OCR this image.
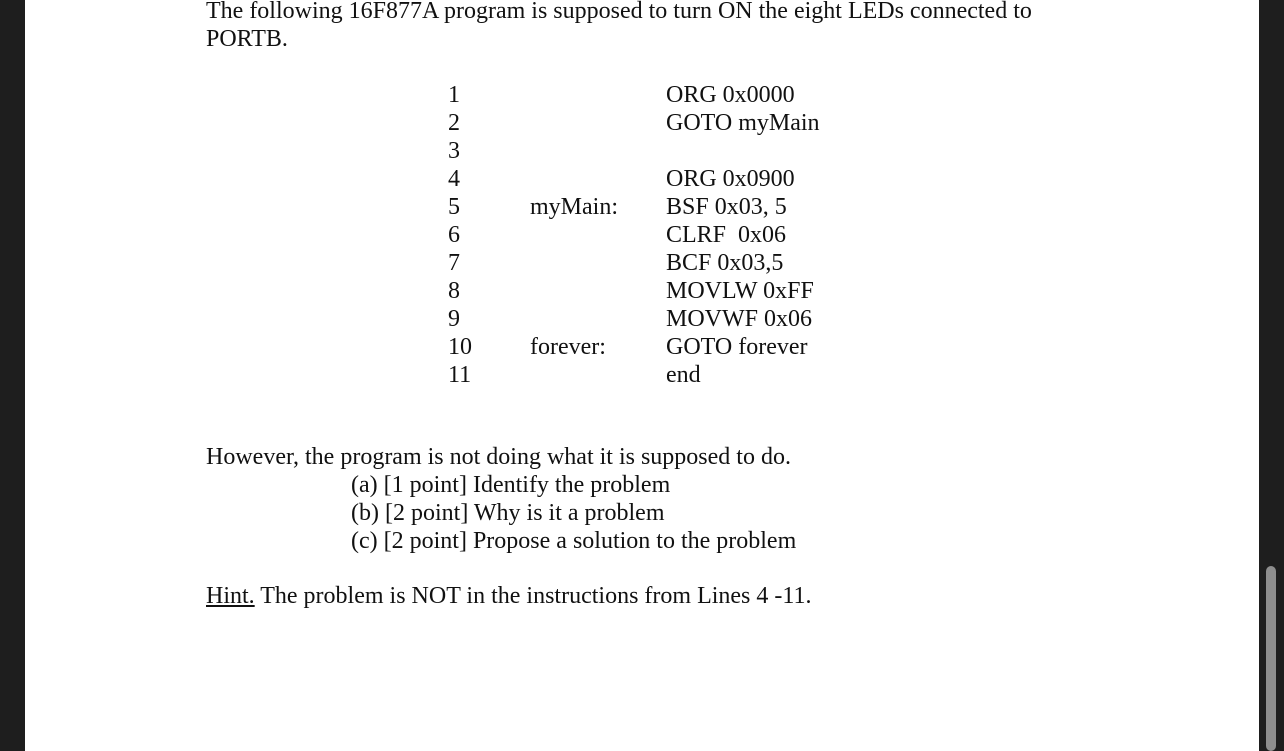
The following 16F877A program is supposed to turn ON the eight LEDs connected to
PORTB.

1	ORG 0x0000
2	GOTO myMain
3
4	ORG 0x0900
5	myMain: BSF 0x03, 5
6	CLRF  0x06
7	BCF 0x03,5
8	MOVLW 0xFF
9	MOVWF 0x06
10 forever:	GOTO forever
11	end

However, the program is not doing what it is supposed to do.

(a) [1 point] Identify the problem
(b) [2 point] Why is it a problem
(c) [2 point] Propose a solution to the problem

Hint. The problem is NOT in the instructions from Lines 4 -11.
